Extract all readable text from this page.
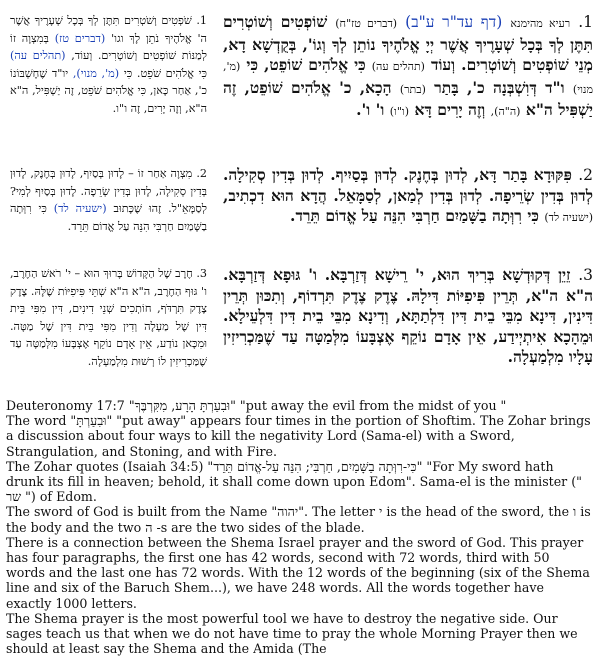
1. שֹׁפְטִים וְשֹׁטְרִים תִּתֶּן לְךָ בְּכָל שְׁעָרֶיךָ אֲשֶׁר ה' אֱלֹהֶיךָ נֹתֵן לָךְ וגו' (דברים טז) בְּמִצְוָה זוֹ לְמַנּוֹת שׁוֹפְטִים וְשׁוֹטְרִים. וְעוֹד, (תהלים עה) כִּי אֱלֹהִים שֹׁפֵט. כִּי (מ', מנוי), יו"ד שֶׁחֶשְׁבּוֹנוֹ כ', אַחַר כָּאן, כִּי אֱלֹהִים שֹׁפֵט, זֶה יַשְׁפִּיל, ה"א ה"א, וְזֶה יָרִים, זֶה ו"ו.
1. רעיא מהימנא (דף עד"ר ע"ב) (דברים טז"ח) שׁוֹפְטִים וְשׁוֹטְרִים תִּתֶּן לְךָ בְּכָל שְׁעָרֶיךָ אֲשֶׁר יְיָ אֱלֹהֶיךָ נוֹתֵן לְךָ וְגוֹ', בְּקֻדְשָׁא דָא, מְנֵי שׁוֹפְטִים וְשׁוֹטְרִים. וְעוֹד (תהלים עה) כִּי אֱלֹהִים שׁוֹפֵט, כִּי (מ', מנוי) ו"ד דְּוִשְׁבְּנָה כ', בָּתַר (בתר) הָכָא, כ' אֱלֹהִים שׁוֹפֵט, זֶה יַשְׁפִּיל ה"א (ה"ה), וְזֶה יָרִים דָּא (ו"ו) ו' ו'.
2. מִצְוָה אַחַר זוֹ – לָדוּן בְּסַיִף, לָדוּן בְּחֶנֶק, לָדוּן בְּדִין סְקִילָה, לָדוּן בְּדִין שְׂרֵפָה. לָדוּן בְּסַיִף לְמִי? לְסַמָּאֵ"ל. זֶהוּ שֶׁכָּתוּב (ישעיה לד) כִּי רִוְּתָה בַשָּׁמַיִם חַרְבִּי הִנֵּה עַל אֱדוֹם תֵּרֵד.
2. פִּקּוּדָא בָּתַר דָּא, לְדוּן בְּחֶנֶק. לְדוּן בְּסַיִיף. לְדוּן בְּדִין סְקִילָה. לְדוּן בְּדִין שְׂרֵיפָה. לְדוּן בְּדִין לְמַאן, לְסַמָּאֵל. הֲדָא הוּא דִכְתִיב, (ישעיה לד) כִּי רִוְּתָה בַשָּׁמַיִם חַרְבִּי הִנֵּה עַל אֱדוֹם תֵּרֵד.
3. חֶרֶב שֶׁל הַקָּדוֹשׁ בָּרוּךְ הוּא – י' רֹאשׁ הַחֶרֶב, ו' גּוּף הַחֶרֶב, ה"א ה"א שְׁתֵּי פִּיפִיּוֹת שֶׁלָּהּ. צֶדֶק צֶדֶק תִּרְדֹּף, חוֹתְכִים שְׁנֵי דִינִים, דִּין מִפִּי בֵּית דִּין שֶׁל מַעְלָה וְדִין מִפִּי בֵּית דִּין שֶׁל מַטָּה. וּמִכָּאן נוֹדַע, אֵין אָדָם נוֹקֵף אֶצְבָּעוֹ מִלְּמַטָּה עַד שֶׁמַּכְרִיזִין לוֹ רְשׁוּת מִלְמַעְלָה.
3. זֵיֵן דְּקוּדְשָׁא בְּרִיךְ הוּא, י' רֵישָׁא דְּזַרְבָּא. ו' גּוּפָא דְּזַרְבָּא. ה"א ה"א, תְּרֵין פִּיפִיּוֹת דִּילָהּ. צֶדֶק צֶדֶק תִּרְדוֹף, וְתִכּוּן תְּרֵין דִּינִין, דִּינָא מִבֵּי בֵית דִּין דִּלְתַתָּא, וְדִינָא מִבֵּי בֵית דִּין דִּלְעֵילָא. וּמֵהָכָא אִיתְיְידַע, אֵין אָדָם נוֹקֵף אֶצְבָּעוֹ מִלְּמַטָּה עַד שֶׁמַּכְרִיזִין עָלָיו מִלְמַעְלָה.

Deuteronomy 17:7 "וּבִעַרְתָּ הָרָע, מִקִּרְבֶּךָ" "put away the evil from the midst of you "

The word "וּבִעַרְתָּ" "put away" appears four times in the portion of Shoftim. The Zohar brings a discussion about four ways to kill the negativity Lord (Sama-el) with a Sword, Strangulation, and Stoning, and with Fire.

The Zohar quotes (Isaiah 34:5) "כִּי-רִוְּתָה בַשָּׁמַיִם, חַרְבִּי; הִנֵּה עַל-אֱדוֹם תֵּרֵד" "For My sword hath drunk its fill in heaven; behold, it shall come down upon Edom". Sama-el is the minister (" שר ") of Edom.

The sword of God is built from the Name "יהוה". The letter י is the head of the sword, the ו is the body and the two ה -s are the two sides of the blade.

There is a connection between the Shema Israel prayer and the sword of God. This prayer has four paragraphs, the first one has 42 words, second with 72 words, third with 50 words and the last one has 72 words. With the 12 words of the beginning (six of the Shema line and six of the Baruch Shem...), we have 248 words. All the words together have exactly 1000 letters.

The Shema prayer is the most powerful tool we have to destroy the negative side. Our sages teach us that when we do not have time to pray the whole Morning Prayer then we should at least say the Shema and the Amida (The
